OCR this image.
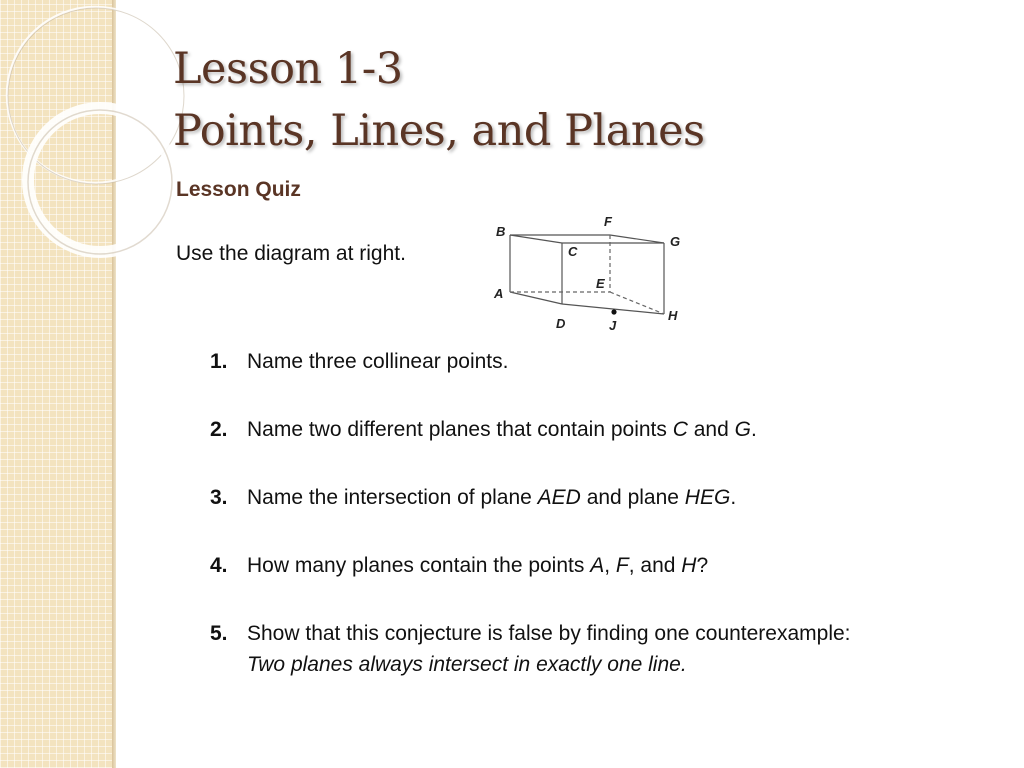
Lesson 1-3
Points, Lines, and Planes
Lesson Quiz
Use the diagram at right.
B
F
G
C
E
A
H
D	J
1. Name three collinear points.
2. Name two different planes that contain points C and G.
3. Name the intersection of plane AED and plane HEG.
4. How many planes contain the points A, F, and H?
5. Show that this conjecture is false by finding one counterexample:
Two planes always intersect in exactly one line.
